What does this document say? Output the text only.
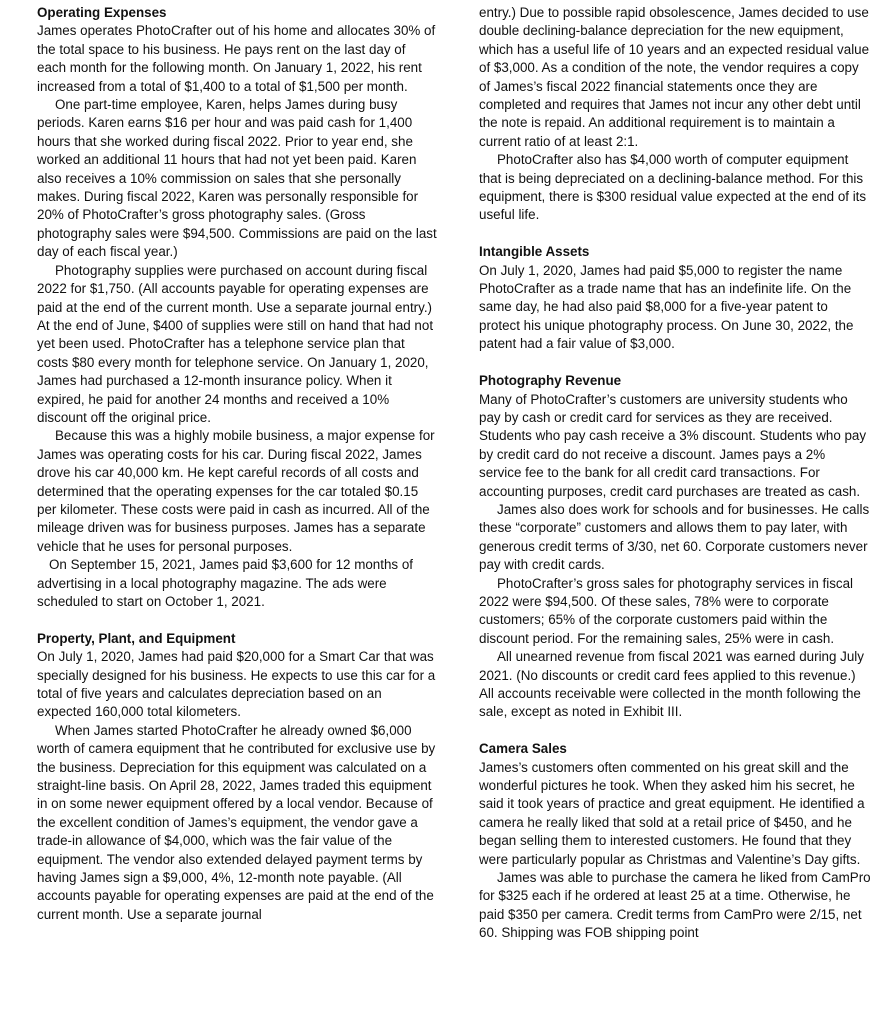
Operating Expenses

James operates PhotoCrafter out of his home and allocates 30% of the total space to his business. He pays rent on the last day of each month for the following month. On January 1, 2022, his rent increased from a total of $1,400 to a total of $1,500 per month.

One part-time employee, Karen, helps James during busy periods. Karen earns $16 per hour and was paid cash for 1,400 hours that she worked during fiscal 2022. Prior to year end, she worked an additional 11 hours that had not yet been paid. Karen also receives a 10% commission on sales that she personally makes. During fiscal 2022, Karen was personally responsible for 20% of PhotoCrafter’s gross photography sales. (Gross photography sales were $94,500. Commissions are paid on the last day of each fiscal year.)

Photography supplies were purchased on account during fiscal 2022 for $1,750. (All accounts payable for operating expenses are paid at the end of the current month. Use a separate journal entry.) At the end of June, $400 of supplies were still on hand that had not yet been used. PhotoCrafter has a telephone service plan that costs $80 every month for telephone service. On January 1, 2020, James had purchased a 12-month insurance policy. When it expired, he paid for another 24 months and received a 10% discount off the original price.

Because this was a highly mobile business, a major expense for James was operating costs for his car. During fiscal 2022, James drove his car 40,000 km. He kept careful records of all costs and determined that the operating expenses for the car totaled $0.15 per kilometer. These costs were paid in cash as incurred. All of the mileage driven was for business purposes. James has a separate vehicle that he uses for personal purposes.

On September 15, 2021, James paid $3,600 for 12 months of advertising in a local photography magazine. The ads were scheduled to start on October 1, 2021.

Property, Plant, and Equipment

On July 1, 2020, James had paid $20,000 for a Smart Car that was specially designed for his business. He expects to use this car for a total of five years and calculates depreciation based on an expected 160,000 total kilometers.

When James started PhotoCrafter he already owned $6,000 worth of camera equipment that he contributed for exclusive use by the business. Depreciation for this equipment was calculated on a straight-line basis. On April 28, 2022, James traded this equipment in on some newer equipment offered by a local vendor. Because of the excellent condition of James’s equipment, the vendor gave a trade-in allowance of $4,000, which was the fair value of the equipment. The vendor also extended delayed payment terms by having James sign a $9,000, 4%, 12-month note payable. (All accounts payable for operating expenses are paid at the end of the current month. Use a separate journal

entry.) Due to possible rapid obsolescence, James decided to use double declining-balance depreciation for the new equipment, which has a useful life of 10 years and an expected residual value of $3,000. As a condition of the note, the vendor requires a copy of James’s fiscal 2022 financial statements once they are completed and requires that James not incur any other debt until the note is repaid. An additional requirement is to maintain a current ratio of at least 2:1.

PhotoCrafter also has $4,000 worth of computer equipment that is being depreciated on a declining-balance method. For this equipment, there is $300 residual value expected at the end of its useful life.

Intangible Assets

On July 1, 2020, James had paid $5,000 to register the name PhotoCrafter as a trade name that has an indefinite life. On the same day, he had also paid $8,000 for a five-year patent to protect his unique photography process. On June 30, 2022, the patent had a fair value of $3,000.

Photography Revenue

Many of PhotoCrafter’s customers are university students who pay by cash or credit card for services as they are received. Students who pay cash receive a 3% discount. Students who pay by credit card do not receive a discount. James pays a 2% service fee to the bank for all credit card transactions. For accounting purposes, credit card purchases are treated as cash.

James also does work for schools and for businesses. He calls these “corporate” customers and allows them to pay later, with generous credit terms of 3/30, net 60. Corporate customers never pay with credit cards.

PhotoCrafter’s gross sales for photography services in fiscal 2022 were $94,500. Of these sales, 78% were to corporate customers; 65% of the corporate customers paid within the discount period. For the remaining sales, 25% were in cash.

All unearned revenue from fiscal 2021 was earned during July 2021. (No discounts or credit card fees applied to this revenue.) All accounts receivable were collected in the month following the sale, except as noted in Exhibit III.

Camera Sales

James’s customers often commented on his great skill and the wonderful pictures he took. When they asked him his secret, he said it took years of practice and great equipment. He identified a camera he really liked that sold at a retail price of $450, and he began selling them to interested customers. He found that they were particularly popular as Christmas and Valentine’s Day gifts.

James was able to purchase the camera he liked from CamPro for $325 each if he ordered at least 25 at a time. Otherwise, he paid $350 per camera. Credit terms from CamPro were 2/15, net 60. Shipping was FOB shipping point
